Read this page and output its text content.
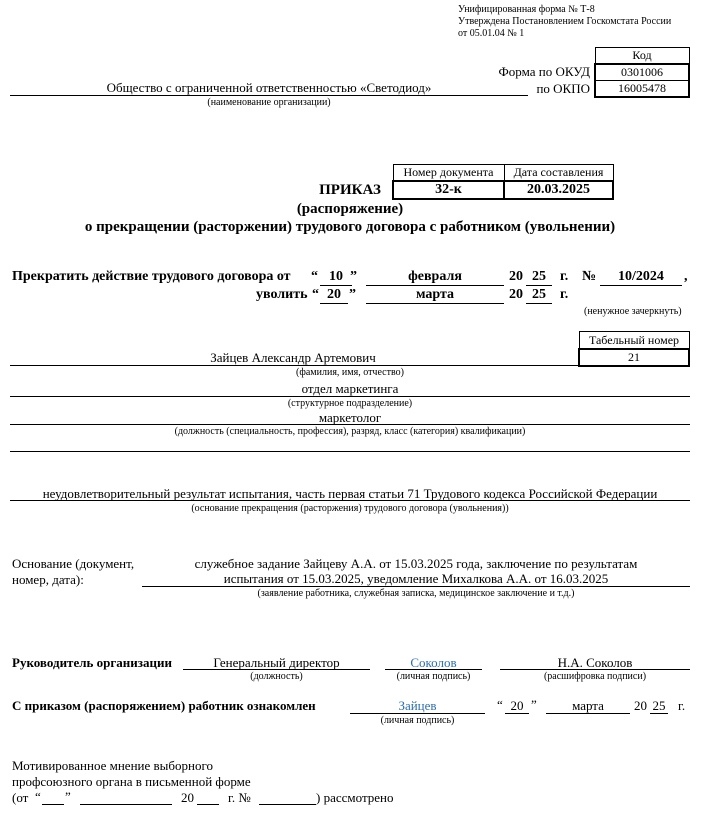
Унифицированная форма № Т-8
Утверждена Постановлением Госкомстата России
от 05.01.04 № 1
Код
0301006
16005478
Форма по ОКУД
по ОКПО
Общество с ограниченной ответственностью «Светодиод»
(наименование организации)
Номер документа	Дата составления
32-к	20.03.2025
ПРИКАЗ
(распоряжение)
о прекращении (расторжении) трудового договора с работником (увольнении)
Прекратить действие трудового договора от “ 10 ”	февраля	20 25	г. №	10/2024	,
уволить “ 20 ”	марта	20 25	г.
(ненужное зачеркнуть)
Табельный номер
21
Зайцев Александр Артемович
(фамилия, имя, отчество)
отдел маркетинга
(структурное подразделение)
маркетолог
(должность (специальность, профессия), разряд, класс (категория) квалификации)
неудовлетворительный результат испытания, часть первая статьи 71 Трудового кодекса Российской Федерации
(основание прекращения (расторжения) трудового договора (увольнения))
Основание (документ,
номер, дата):
служебное задание Зайцеву А.А. от 15.03.2025 года, заключение по результатам
испытания от 15.03.2025, уведомление Михалкова А.А. от 16.03.2025
(заявление работника, служебная записка, медицинское заключение и т.д.)
Руководитель организации	Генеральный директор
(должность)
Соколов
(личная подпись)
Н.А. Соколов
(расшифровка подписи)
С приказом (распоряжением) работник ознакомлен	Зайцев
(личная подпись)
“ 20 ”	марта	20 25 г.
Мотивированное мнение выборного
профсоюзного органа в письменной форме
(от “ ”	20	г. №	) рассмотрено
